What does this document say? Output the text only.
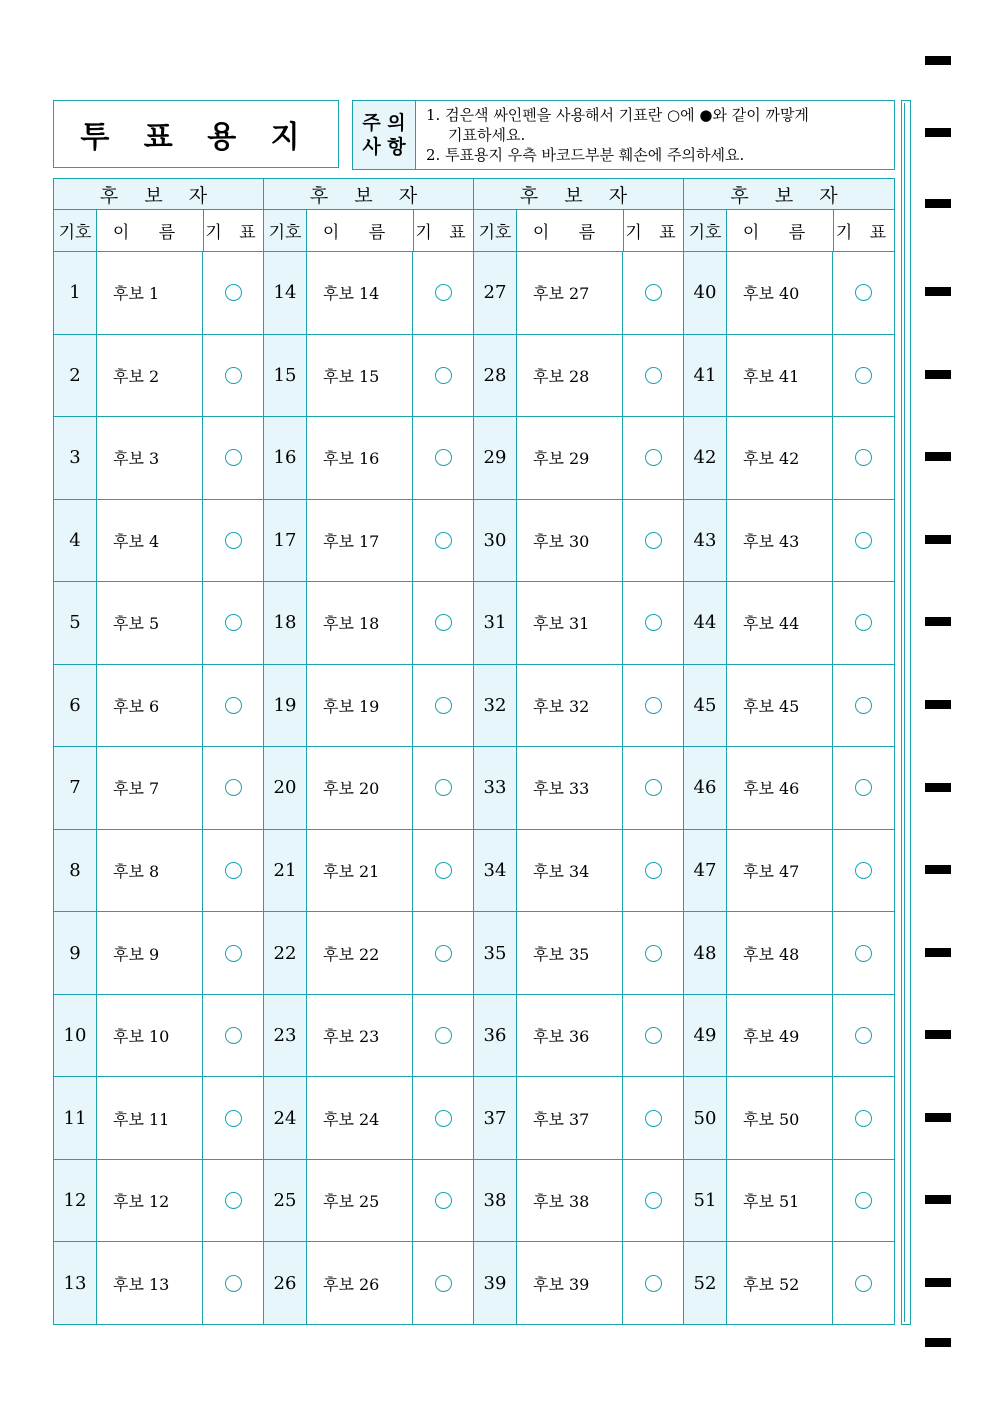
투 표 용 지	주 의
사 항
1. 검은색 싸인펜을 사용해서 기표란 ○에 ●와 같이 까맣게
기표하세요.
2. 투표용지 우측 바코드부분 훼손에 주의하세요.
후 보 자
기호	이 름	기 표
1	후보 1
2	후보 2
3	후보 3
4	후보 4
5	후보 5
6	후보 6
7	후보 7
8	후보 8
9	후보 9
10	후보 10
11	후보 11
12	후보 12
13	후보 13
후 보 자
기호	이 름	기 표
14	후보 14
15	후보 15
16	후보 16
17	후보 17
18	후보 18
19	후보 19
20	후보 20
21	후보 21
22	후보 22
23	후보 23
24	후보 24
25	후보 25
26	후보 26
후 보 자
기호	이 름	기 표
27	후보 27
28	후보 28
29	후보 29
30	후보 30
31	후보 31
32	후보 32
33	후보 33
34	후보 34
35	후보 35
36	후보 36
37	후보 37
38	후보 38
39	후보 39
후 보 자
기호	이 름	기 표
40	후보 40
41	후보 41
42	후보 42
43	후보 43
44	후보 44
45	후보 45
46	후보 46
47	후보 47
48	후보 48
49	후보 49
50	후보 50
51	후보 51
52	후보 52
